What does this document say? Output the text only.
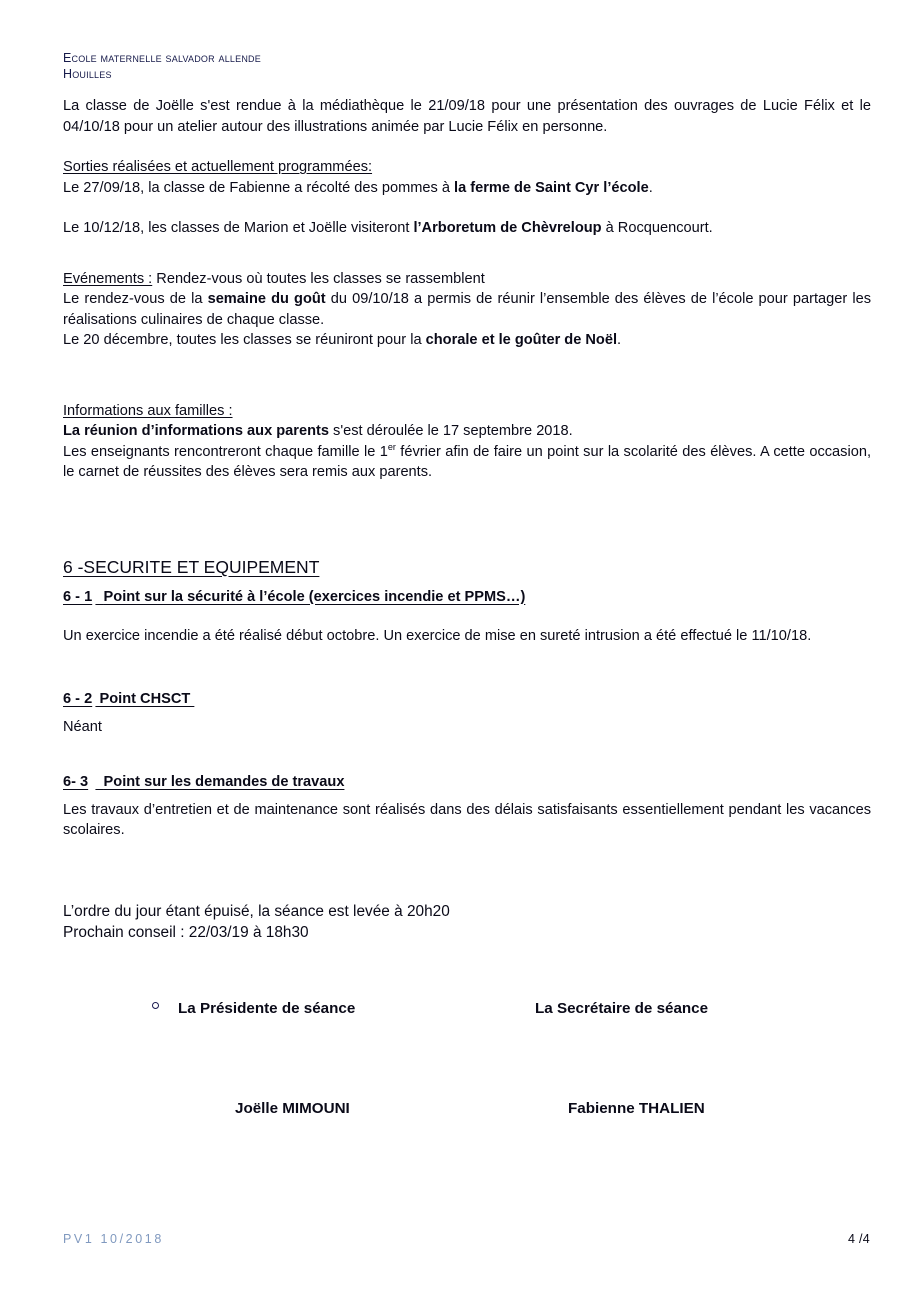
Ecole maternelle salvador allende
Houilles

La classe de Joëlle s'est rendue à la médiathèque le 21/09/18 pour une présentation des ouvrages de Lucie Félix et le 04/10/18 pour un atelier autour des illustrations animée par Lucie Félix en personne.

Sorties réalisées et actuellement programmées:

Le 27/09/18, la classe de Fabienne a récolté des pommes à la ferme de Saint Cyr l’école.

Le 10/12/18, les classes de Marion et Joëlle visiteront l’Arboretum de Chèvreloup à Rocquencourt.

Evénements : Rendez-vous où toutes les classes se rassemblent

Le rendez-vous de la semaine du goût du 09/10/18 a permis de réunir l’ensemble des élèves de l’école pour partager les réalisations culinaires de chaque classe.

Le 20 décembre, toutes les classes se réuniront pour la chorale et le goûter de Noël.

Informations aux familles :

La réunion d’informations aux parents s'est déroulée le 17 septembre 2018.

Les enseignants rencontreront chaque famille le 1er février afin de faire un point sur la scolarité des élèves. A cette occasion, le carnet de réussites des élèves sera remis aux parents.

6 -SECURITE ET EQUIPEMENT
6 - 1	Point sur la sécurité à l’école (exercices incendie et PPMS…)

Un exercice incendie a été réalisé début octobre. Un exercice de mise en sureté intrusion a été effectué le 11/10/18.

6 - 2	Point CHSCT

Néant

6- 3	Point sur les demandes de travaux

Les travaux d’entretien et de maintenance sont réalisés dans des délais satisfaisants essentiellement pendant les vacances scolaires.

L’ordre du jour étant épuisé, la séance est levée à 20h20

Prochain conseil : 22/03/19 à 18h30

La Présidente de séance	La Secrétaire de séance
Joëlle MIMOUNI	Fabienne THALIEN
PV1 10/2018	4 /4
